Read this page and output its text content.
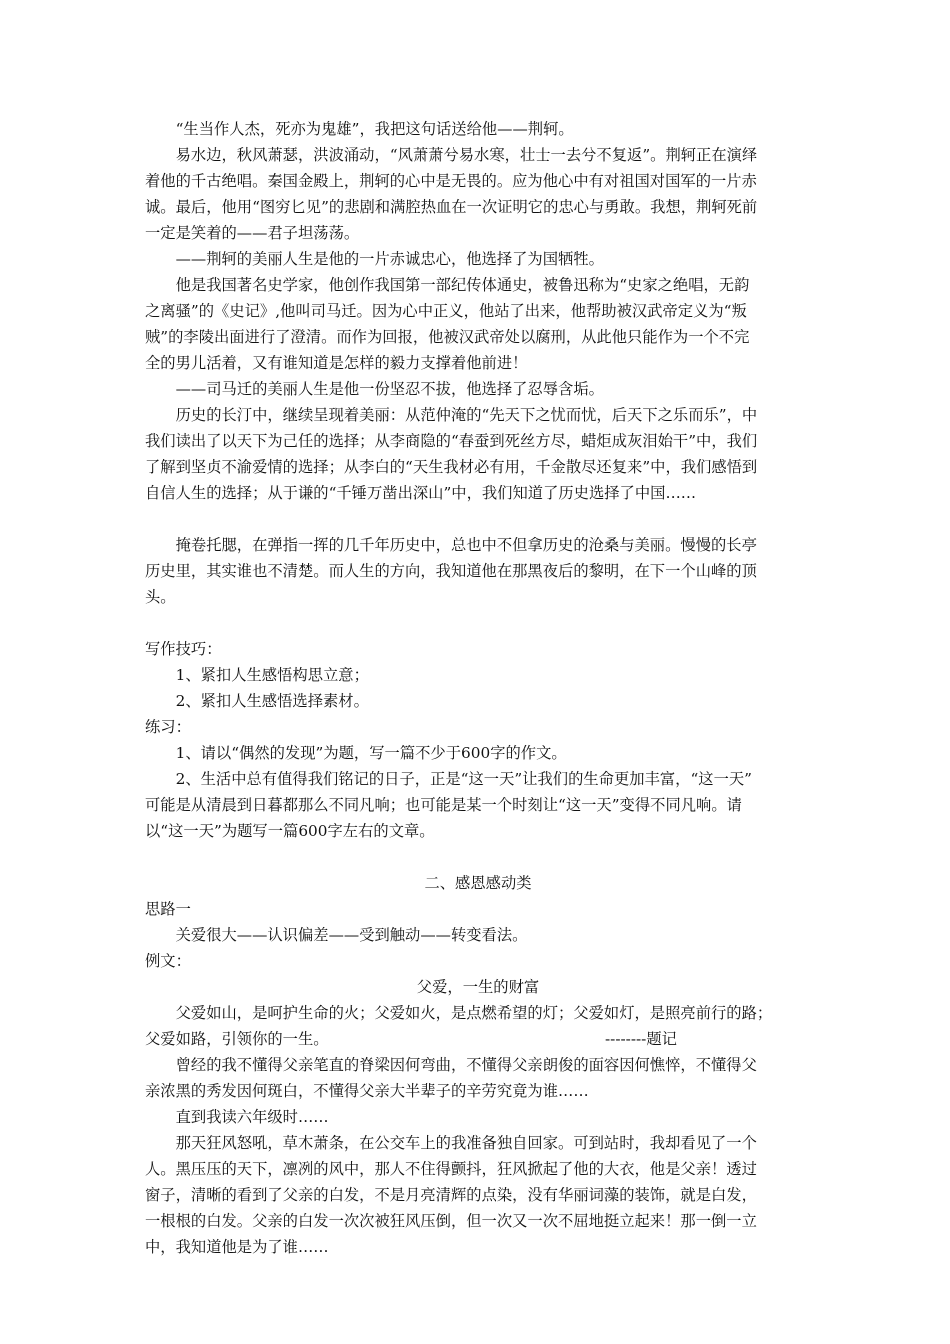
“生当作人杰，死亦为鬼雄”，我把这句话送给他——荆轲。

易水边，秋风萧瑟，洪波涌动，“风萧萧兮易水寒，壮士一去兮不复返”。荆轲正在演绎

着他的千古绝唱。秦国金殿上，荆轲的心中是无畏的。应为他心中有对祖国对国军的一片赤

诚。最后，他用“图穷匕见”的悲剧和满腔热血在一次证明它的忠心与勇敢。我想，荆轲死前

一定是笑着的——君子坦荡荡。

——荆轲的美丽人生是他的一片赤诚忠心，他选择了为国牺牲。

他是我国著名史学家，他创作我国第一部纪传体通史，被鲁迅称为“史家之绝唱，无韵

之离骚”的《史记》,他叫司马迁。因为心中正义，他站了出来，他帮助被汉武帝定义为“叛

贼”的李陵出面进行了澄清。而作为回报，他被汉武帝处以腐刑，从此他只能作为一个不完

全的男儿活着，又有谁知道是怎样的毅力支撑着他前进！

——司马迁的美丽人生是他一份坚忍不拔，他选择了忍辱含垢。

历史的长汀中，继续呈现着美丽：从范仲淹的“先天下之忧而忧，后天下之乐而乐”，中

我们读出了以天下为己任的选择；从李商隐的“春蚕到死丝方尽，蜡炬成灰泪始干”中，我们

了解到坚贞不渝爱情的选择；从李白的“天生我材必有用，千金散尽还复来”中，我们感悟到

自信人生的选择；从于谦的“千锤万凿出深山”中，我们知道了历史选择了中国……

掩卷托腮，在弹指一挥的几千年历史中，总也中不但拿历史的沧桑与美丽。慢慢的长亭

历史里，其实谁也不清楚。而人生的方向，我知道他在那黑夜后的黎明，在下一个山峰的顶

头。

写作技巧：

1、紧扣人生感悟构思立意；

2、紧扣人生感悟选择素材。

练习：

1、请以“偶然的发现”为题，写一篇不少于600字的作文。

2、生活中总有值得我们铭记的日子，正是“这一天”让我们的生命更加丰富，“这一天”

可能是从清晨到日暮都那么不同凡响；也可能是某一个时刻让“这一天”变得不同凡响。请

以“这一天”为题写一篇600字左右的文章。

二、感恩感动类

思路一

关爱很大——认识偏差——受到触动——转变看法。

例文：

父爱，一生的财富

父爱如山，是呵护生命的火；父爱如火，是点燃希望的灯；父爱如灯，是照亮前行的路；

父爱如路，引领你的一生。	--------题记

曾经的我不懂得父亲笔直的脊梁因何弯曲，不懂得父亲朗俊的面容因何憔悴，不懂得父

亲浓黑的秀发因何斑白，不懂得父亲大半辈子的辛劳究竟为谁……

直到我读六年级时……

那天狂风怒吼，草木萧条，在公交车上的我准备独自回家。可到站时，我却看见了一个

人。黑压压的天下，凛冽的风中，那人不住得颤抖，狂风掀起了他的大衣，他是父亲！透过

窗子，清晰的看到了父亲的白发，不是月亮清辉的点染，没有华丽词藻的装饰，就是白发，

一根根的白发。父亲的白发一次次被狂风压倒，但一次又一次不屈地挺立起来！那一倒一立

中，我知道他是为了谁……
